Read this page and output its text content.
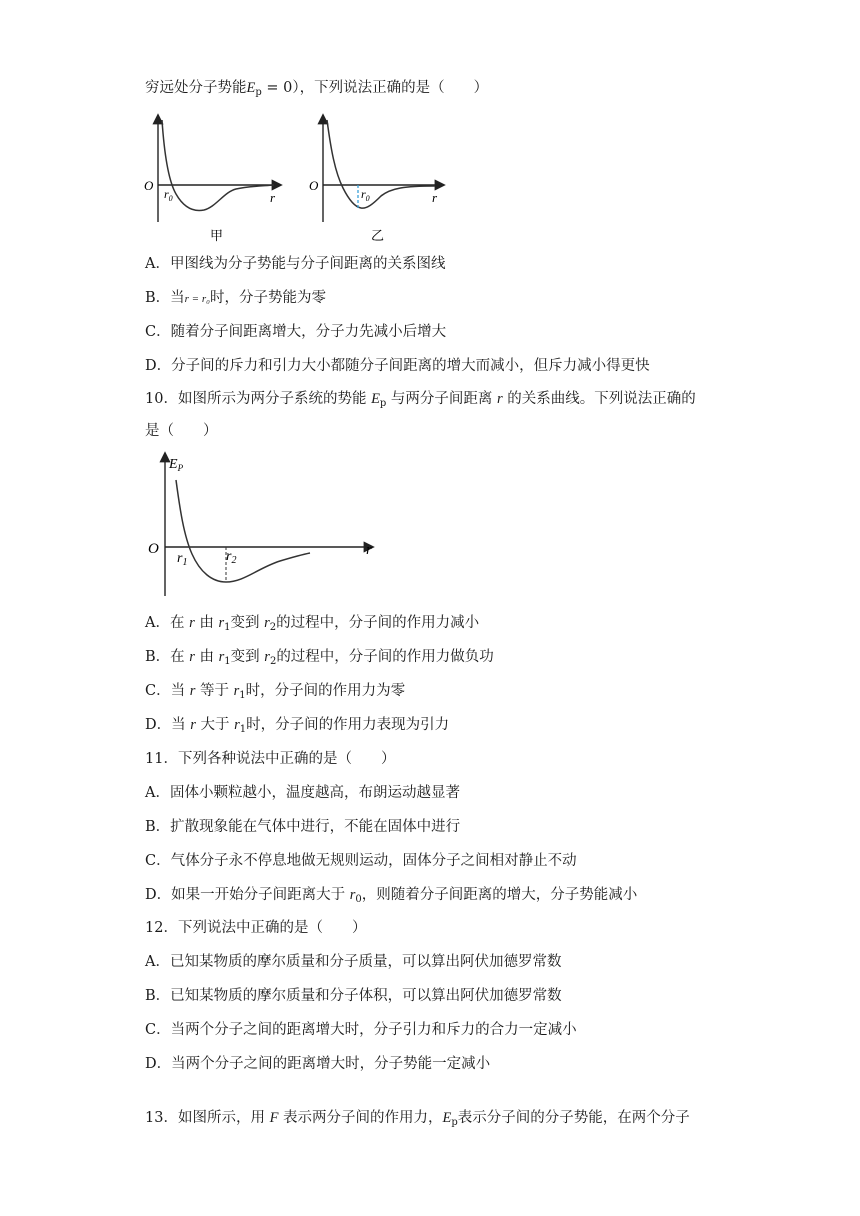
穷远处分子势能$E_p = 0$），下列说法正确的是（　　）
O
$r_0$	r
甲
O
$r_0$	r
乙
A．甲图线为分子势能与分子间距离的关系图线
B．当r = r₀时，分子势能为零
C．随着分子间距离增大，分子力先减小后增大
D．分子间的斥力和引力大小都随分子间距离的增大而减小，但斥力减小得更快
10．如图所示为两分子系统的势能 $E_p$ 与两分子间距离 r 的关系曲线。下列说法正确的
是（　　）
$E_P$
O
$r_1$	$r_2$
r
A．在 r 由 $r_1$变到 $r_2$的过程中，分子间的作用力减小
B．在 r 由 $r_1$变到 $r_2$的过程中，分子间的作用力做负功
C．当 r 等于 $r_1$时，分子间的作用力为零
D．当 r 大于 $r_1$时，分子间的作用力表现为引力
11．下列各种说法中正确的是（　　）
A．固体小颗粒越小，温度越高，布朗运动越显著
B．扩散现象能在气体中进行，不能在固体中进行
C．气体分子永不停息地做无规则运动，固体分子之间相对静止不动
D．如果一开始分子间距离大于 $r_0$，则随着分子间距离的增大，分子势能减小
12．下列说法中正确的是（　　）
A．已知某物质的摩尔质量和分子质量，可以算出阿伏加德罗常数
B．已知某物质的摩尔质量和分子体积，可以算出阿伏加德罗常数
C．当两个分子之间的距离增大时，分子引力和斥力的合力一定减小
D．当两个分子之间的距离增大时，分子势能一定减小
13．如图所示，用 F 表示两分子间的作用力，$E_p$表示分子间的分子势能，在两个分子
